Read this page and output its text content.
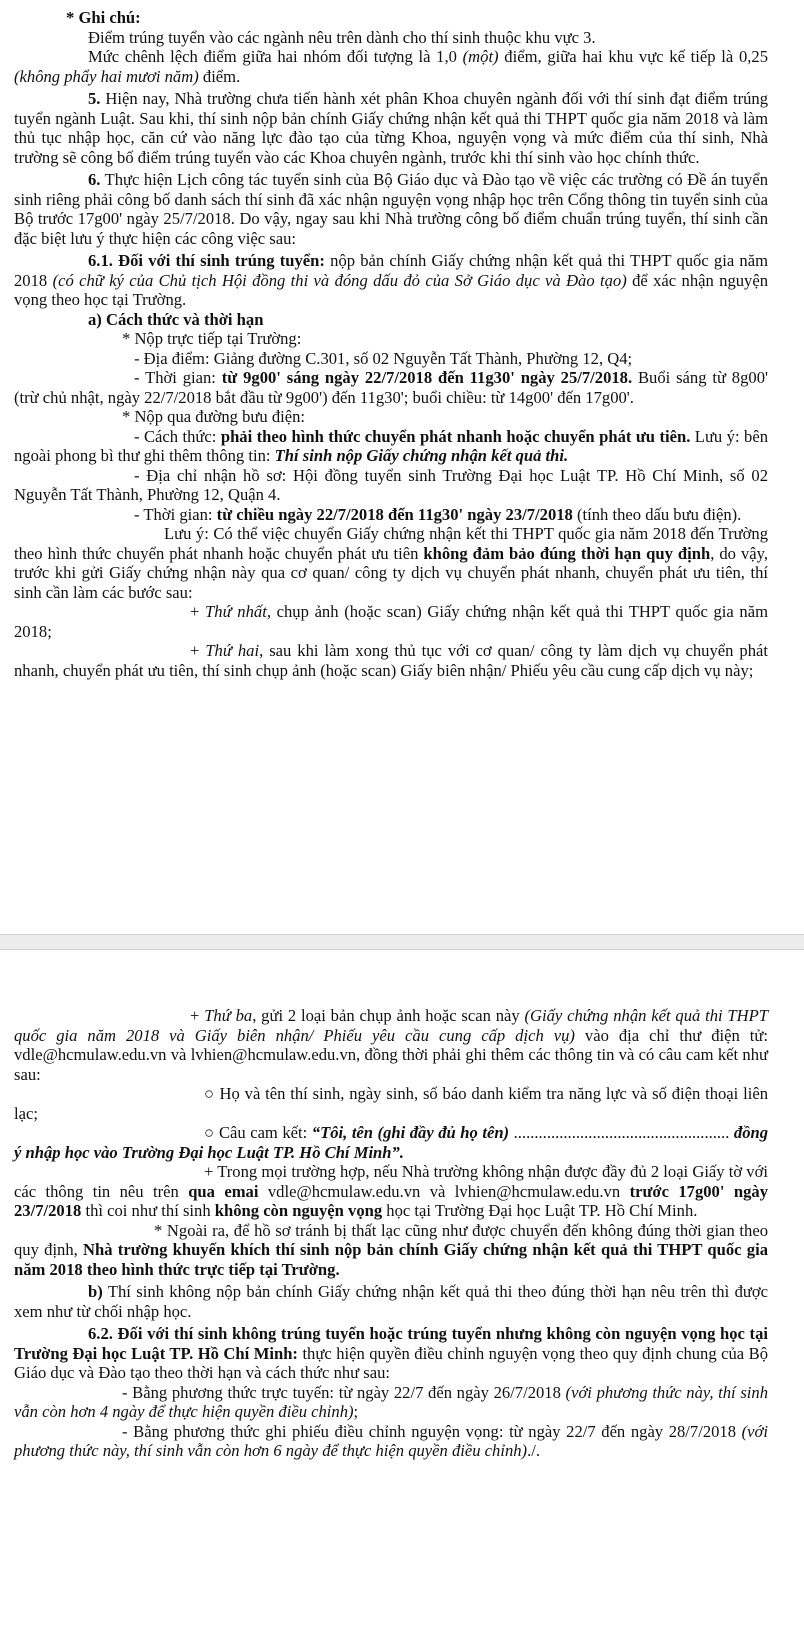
* Ghi chú:

Điểm trúng tuyển vào các ngành nêu trên dành cho thí sinh thuộc khu vực 3.

Mức chênh lệch điểm giữa hai nhóm đối tượng là 1,0 (một) điểm, giữa hai khu vực kế tiếp là 0,25 (không phẩy hai mươi năm) điểm.

5. Hiện nay, Nhà trường chưa tiến hành xét phân Khoa chuyên ngành đối với thí sinh đạt điểm trúng tuyển ngành Luật. Sau khi, thí sinh nộp bản chính Giấy chứng nhận kết quả thi THPT quốc gia năm 2018 và làm thủ tục nhập học, căn cứ vào năng lực đào tạo của từng Khoa, nguyện vọng và mức điểm của thí sinh, Nhà trường sẽ công bố điểm trúng tuyển vào các Khoa chuyên ngành, trước khi thí sinh vào học chính thức.

6. Thực hiện Lịch công tác tuyển sinh của Bộ Giáo dục và Đào tạo về việc các trường có Đề án tuyển sinh riêng phải công bố danh sách thí sinh đã xác nhận nguyện vọng nhập học trên Cổng thông tin tuyển sinh của Bộ trước 17g00' ngày 25/7/2018. Do vậy, ngay sau khi Nhà trường công bố điểm chuẩn trúng tuyển, thí sinh cần đặc biệt lưu ý thực hiện các công việc sau:

6.1. Đối với thí sinh trúng tuyển: nộp bản chính Giấy chứng nhận kết quả thi THPT quốc gia năm 2018 (có chữ ký của Chủ tịch Hội đồng thi và đóng dấu đỏ của Sở Giáo dục và Đào tạo) để xác nhận nguyện vọng theo học tại Trường.

a) Cách thức và thời hạn

* Nộp trực tiếp tại Trường:

- Địa điểm: Giảng đường C.301, số 02 Nguyễn Tất Thành, Phường 12, Q4;

- Thời gian: từ 9g00' sáng ngày 22/7/2018 đến 11g30' ngày 25/7/2018. Buổi sáng từ 8g00' (trừ chủ nhật, ngày 22/7/2018 bắt đầu từ 9g00') đến 11g30'; buổi chiều: từ 14g00' đến 17g00'.

* Nộp qua đường bưu điện:

- Cách thức: phải theo hình thức chuyển phát nhanh hoặc chuyển phát ưu tiên. Lưu ý: bên ngoài phong bì thư ghi thêm thông tin: Thí sinh nộp Giấy chứng nhận kết quả thi.

- Địa chỉ nhận hồ sơ: Hội đồng tuyển sinh Trường Đại học Luật TP. Hồ Chí Minh, số 02 Nguyễn Tất Thành, Phường 12, Quận 4.

- Thời gian: từ chiều ngày 22/7/2018 đến 11g30' ngày 23/7/2018 (tính theo dấu bưu điện).

Lưu ý: Có thể việc chuyển Giấy chứng nhận kết thi THPT quốc gia năm 2018 đến Trường theo hình thức chuyển phát nhanh hoặc chuyển phát ưu tiên không đảm bảo đúng thời hạn quy định, do vậy, trước khi gửi Giấy chứng nhận này qua cơ quan/ công ty dịch vụ chuyển phát nhanh, chuyển phát ưu tiên, thí sinh cần làm các bước sau:

+ Thứ nhất, chụp ảnh (hoặc scan) Giấy chứng nhận kết quả thi THPT quốc gia năm 2018;

+ Thứ hai, sau khi làm xong thủ tục với cơ quan/ công ty làm dịch vụ chuyển phát nhanh, chuyển phát ưu tiên, thí sinh chụp ảnh (hoặc scan) Giấy biên nhận/ Phiếu yêu cầu cung cấp dịch vụ này;

+ Thứ ba, gửi 2 loại bản chụp ảnh hoặc scan này (Giấy chứng nhận kết quả thi THPT quốc gia năm 2018 và Giấy biên nhận/ Phiếu yêu cầu cung cấp dịch vụ) vào địa chỉ thư điện tử: vdle@hcmulaw.edu.vn và lvhien@hcmulaw.edu.vn, đồng thời phải ghi thêm các thông tin và có câu cam kết như sau:

○ Họ và tên thí sinh, ngày sinh, số báo danh kiểm tra năng lực và số điện thoại liên lạc;

○ Câu cam kết: “Tôi, tên (ghi đầy đủ họ tên) .................................................... đồng ý nhập học vào Trường Đại học Luật TP. Hồ Chí Minh”.

+ Trong mọi trường hợp, nếu Nhà trường không nhận được đầy đủ 2 loại Giấy tờ với các thông tin nêu trên qua emai vdle@hcmulaw.edu.vn và lvhien@hcmulaw.edu.vn trước 17g00' ngày 23/7/2018 thì coi như thí sinh không còn nguyện vọng học tại Trường Đại học Luật TP. Hồ Chí Minh.

* Ngoài ra, để hồ sơ tránh bị thất lạc cũng như được chuyển đến không đúng thời gian theo quy định, Nhà trường khuyến khích thí sinh nộp bản chính Giấy chứng nhận kết quả thi THPT quốc gia năm 2018 theo hình thức trực tiếp tại Trường.

b) Thí sinh không nộp bản chính Giấy chứng nhận kết quả thi theo đúng thời hạn nêu trên thì được xem như từ chối nhập học.

6.2. Đối với thí sinh không trúng tuyển hoặc trúng tuyển nhưng không còn nguyện vọng học tại Trường Đại học Luật TP. Hồ Chí Minh: thực hiện quyền điều chỉnh nguyện vọng theo quy định chung của Bộ Giáo dục và Đào tạo theo thời hạn và cách thức như sau:

- Bằng phương thức trực tuyến: từ ngày 22/7 đến ngày 26/7/2018 (với phương thức này, thí sinh vẫn còn hơn 4 ngày để thực hiện quyền điều chỉnh);

- Bằng phương thức ghi phiếu điều chỉnh nguyện vọng: từ ngày 22/7 đến ngày 28/7/2018 (với phương thức này, thí sinh vẫn còn hơn 6 ngày để thực hiện quyền điều chỉnh)./.
